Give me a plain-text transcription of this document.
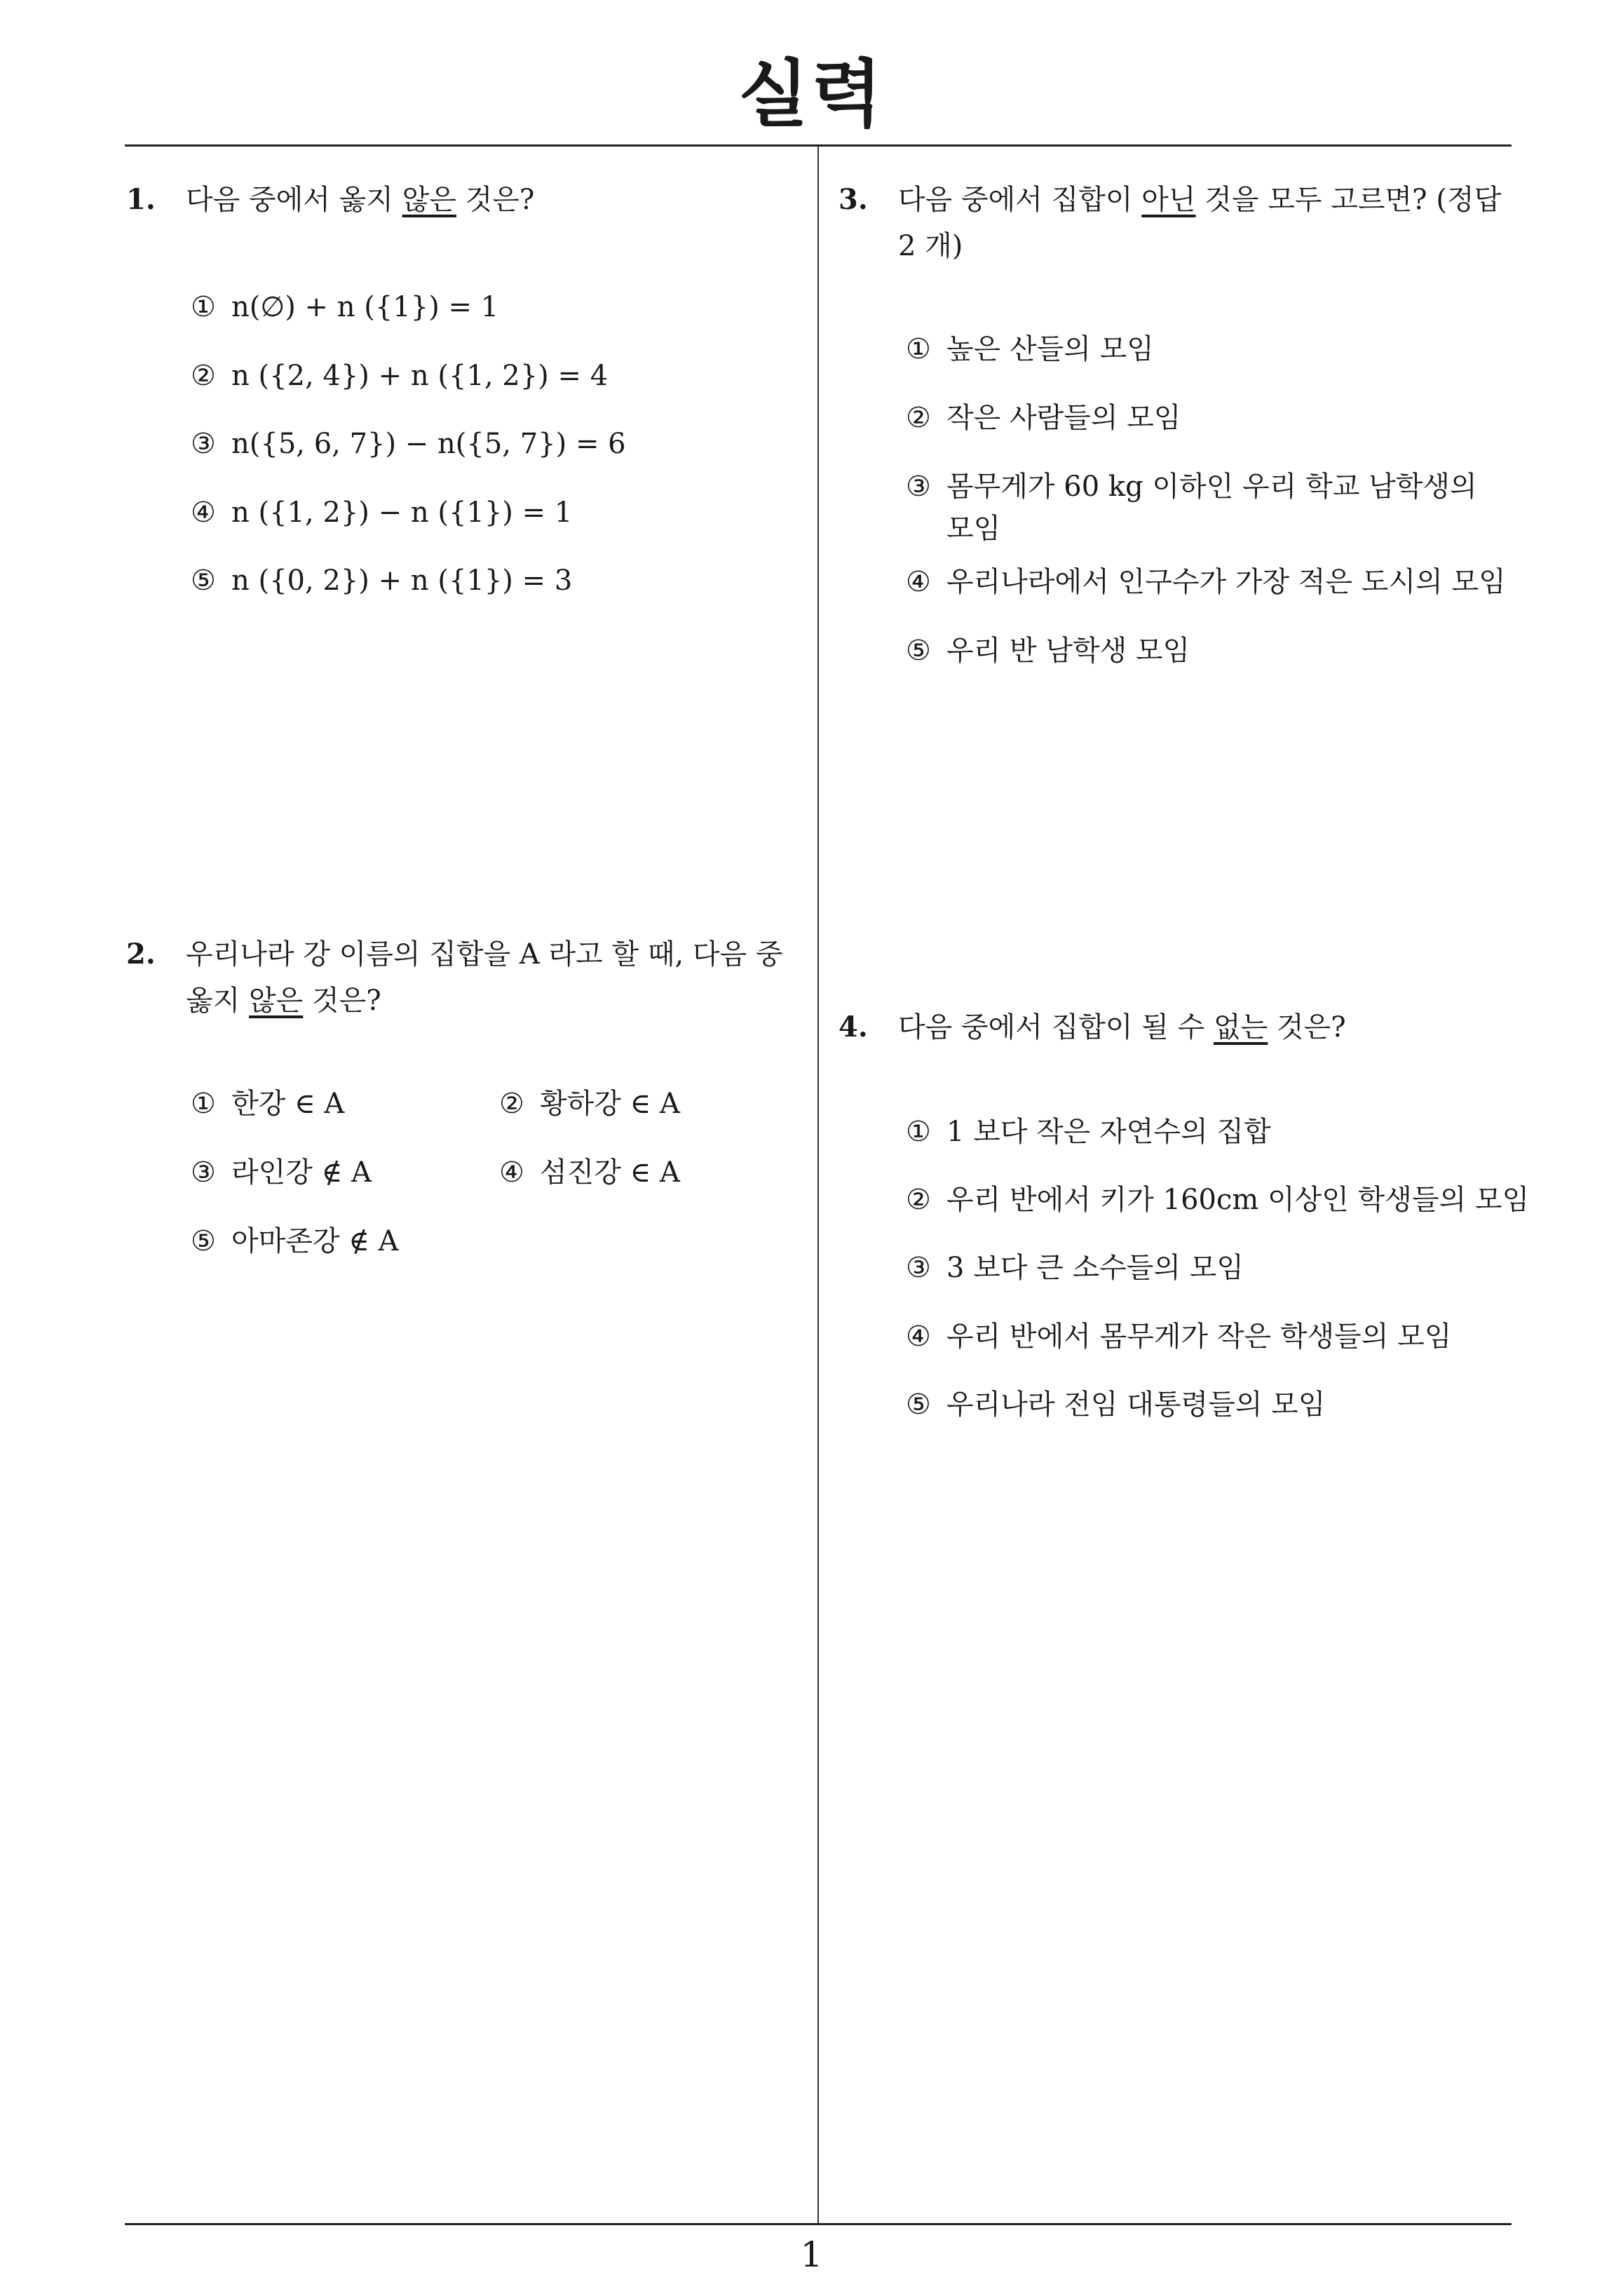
실력
1. 다음 중에서 옳지 않은 것은?
① n(∅) + n ({1}) = 1
② n ({2, 4}) + n ({1, 2}) = 4
③ n({5, 6, 7}) − n({5, 7}) = 6
④ n ({1, 2}) − n ({1}) = 1
⑤ n ({0, 2}) + n ({1}) = 3
2. 우리나라 강 이름의 집합을 A 라고 할 때, 다음 중 옳지 않은 것은?
① 한강 ∈ A	② 황하강 ∈ A
③ 라인강 ∉ A	④ 섬진강 ∈ A
⑤ 아마존강 ∉ A
3. 다음 중에서 집합이 아닌 것을 모두 고르면? (정답 2 개)
① 높은 산들의 모임
② 작은 사람들의 모임
③ 몸무게가 60 kg 이하인 우리 학교 남학생의 모임
④ 우리나라에서 인구수가 가장 적은 도시의 모임
⑤ 우리 반 남학생 모임
4. 다음 중에서 집합이 될 수 없는 것은?
① 1 보다 작은 자연수의 집합
② 우리 반에서 키가 160cm 이상인 학생들의 모임
③ 3 보다 큰 소수들의 모임
④ 우리 반에서 몸무게가 작은 학생들의 모임
⑤ 우리나라 전임 대통령들의 모임
1
